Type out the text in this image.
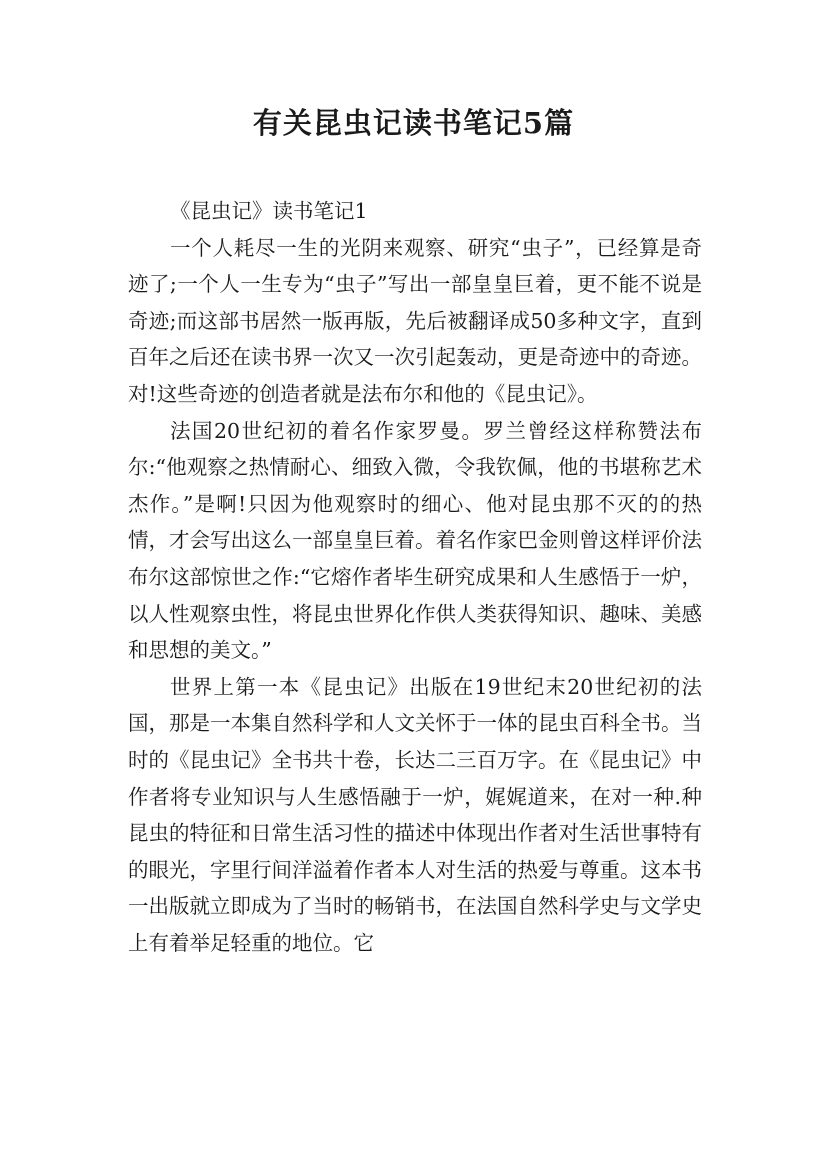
有关昆虫记读书笔记5篇
《昆虫记》读书笔记1

一个人耗尽一生的光阴来观察、研究“虫子”，已经算是奇迹了;一个人一生专为“虫子”写出一部皇皇巨着，更不能不说是奇迹;而这部书居然一版再版，先后被翻译成50多种文字，直到百年之后还在读书界一次又一次引起轰动，更是奇迹中的奇迹。对!这些奇迹的创造者就是法布尔和他的《昆虫记》。

法国20世纪初的着名作家罗曼。罗兰曾经这样称赞法布尔:“他观察之热情耐心、细致入微，令我钦佩，他的书堪称艺术杰作。”是啊!只因为他观察时的细心、他对昆虫那不灭的的热情，才会写出这么一部皇皇巨着。着名作家巴金则曾这样评价法布尔这部惊世之作:“它熔作者毕生研究成果和人生感悟于一炉，以人性观察虫性，将昆虫世界化作供人类获得知识、趣味、美感和思想的美文。”

世界上第一本《昆虫记》出版在19世纪末20世纪初的法国，那是一本集自然科学和人文关怀于一体的昆虫百科全书。当时的《昆虫记》全书共十卷，长达二三百万字。在《昆虫记》中作者将专业知识与人生感悟融于一炉，娓娓道来，在对一种.种昆虫的特征和日常生活习性的描述中体现出作者对生活世事特有的眼光，字里行间洋溢着作者本人对生活的热爱与尊重。这本书一出版就立即成为了当时的畅销书，在法国自然科学史与文学史上有着举足轻重的地位。它
